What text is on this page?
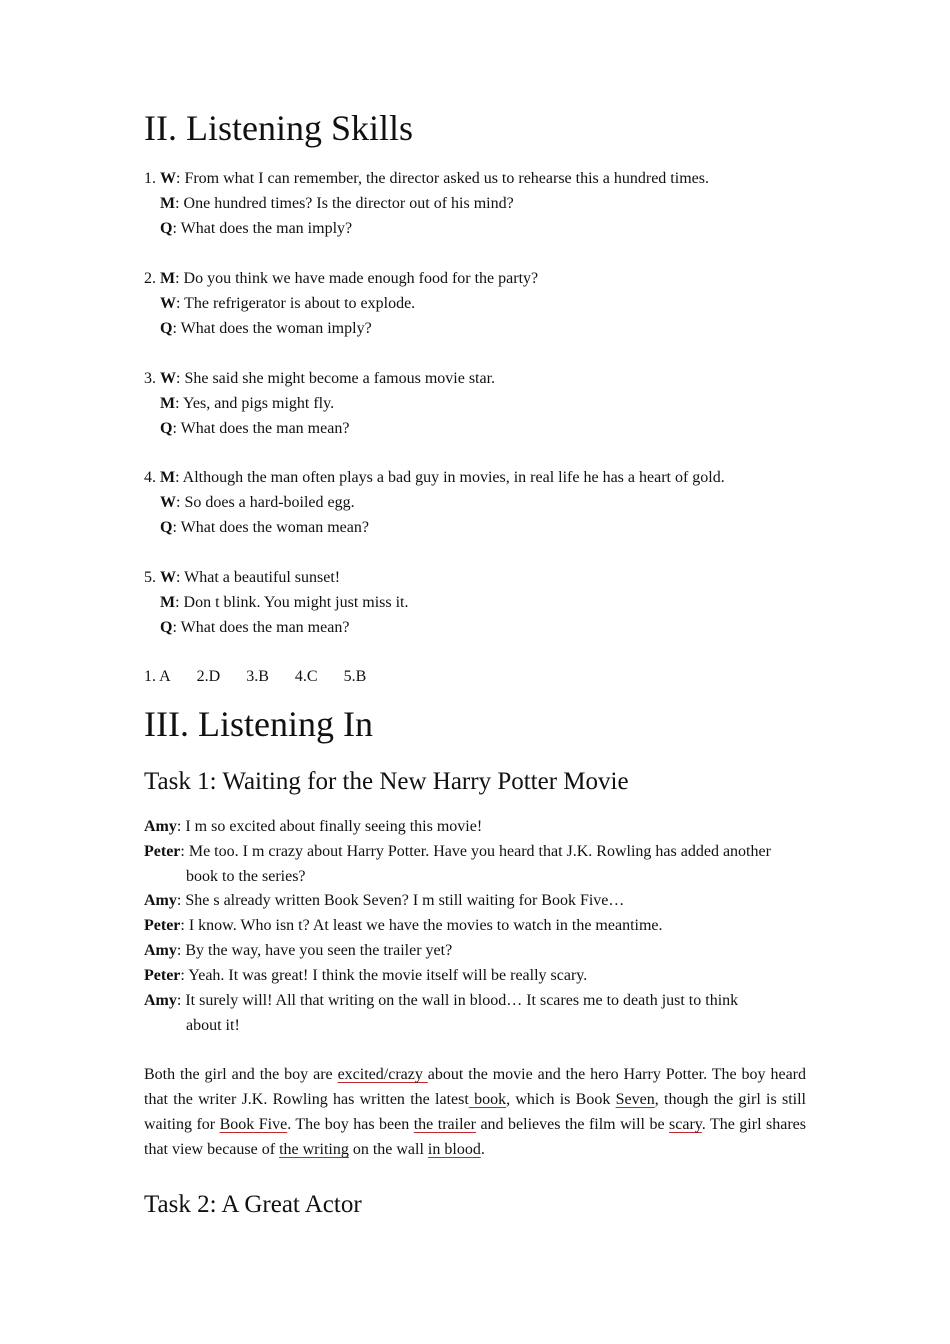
II. Listening Skills
1. W: From what I can remember, the director asked us to rehearse this a hundred times.
M: One hundred times? Is the director out of his mind?
Q: What does the man imply?
2. M: Do you think we have made enough food for the party?
W: The refrigerator is about to explode.
Q: What does the woman imply?
3. W: She said she might become a famous movie star.
M: Yes, and pigs might fly.
Q: What does the man mean?
4. M: Although the man often plays a bad guy in movies, in real life he has a heart of gold.
W: So does a hard-boiled egg.
Q: What does the woman mean?
5. W: What a beautiful sunset!
M: Don t blink. You might just miss it.
Q: What does the man mean?
1. A 2.D 3.B 4.C 5.B
III. Listening In
Task 1: Waiting for the New Harry Potter Movie
Amy: I m so excited about finally seeing this movie!
Peter: Me too. I m crazy about Harry Potter. Have you heard that J.K. Rowling has added another
book to the series?
Amy: She s already written Book Seven? I m still waiting for Book Five…
Peter: I know. Who isn t? At least we have the movies to watch in the meantime.
Amy: By the way, have you seen the trailer yet?
Peter: Yeah. It was great! I think the movie itself will be really scary.
Amy: It surely will! All that writing on the wall in blood… It scares me to death just to think
about it!
Both the girl and the boy are excited/crazy about the movie and the hero Harry Potter. The boy heard that the writer J.K. Rowling has written the latest book, which is Book Seven, though the girl is still waiting for Book Five. The boy has been the trailer and believes the film will be scary. The girl shares that view because of the writing on the wall in blood.
Task 2: A Great Actor
